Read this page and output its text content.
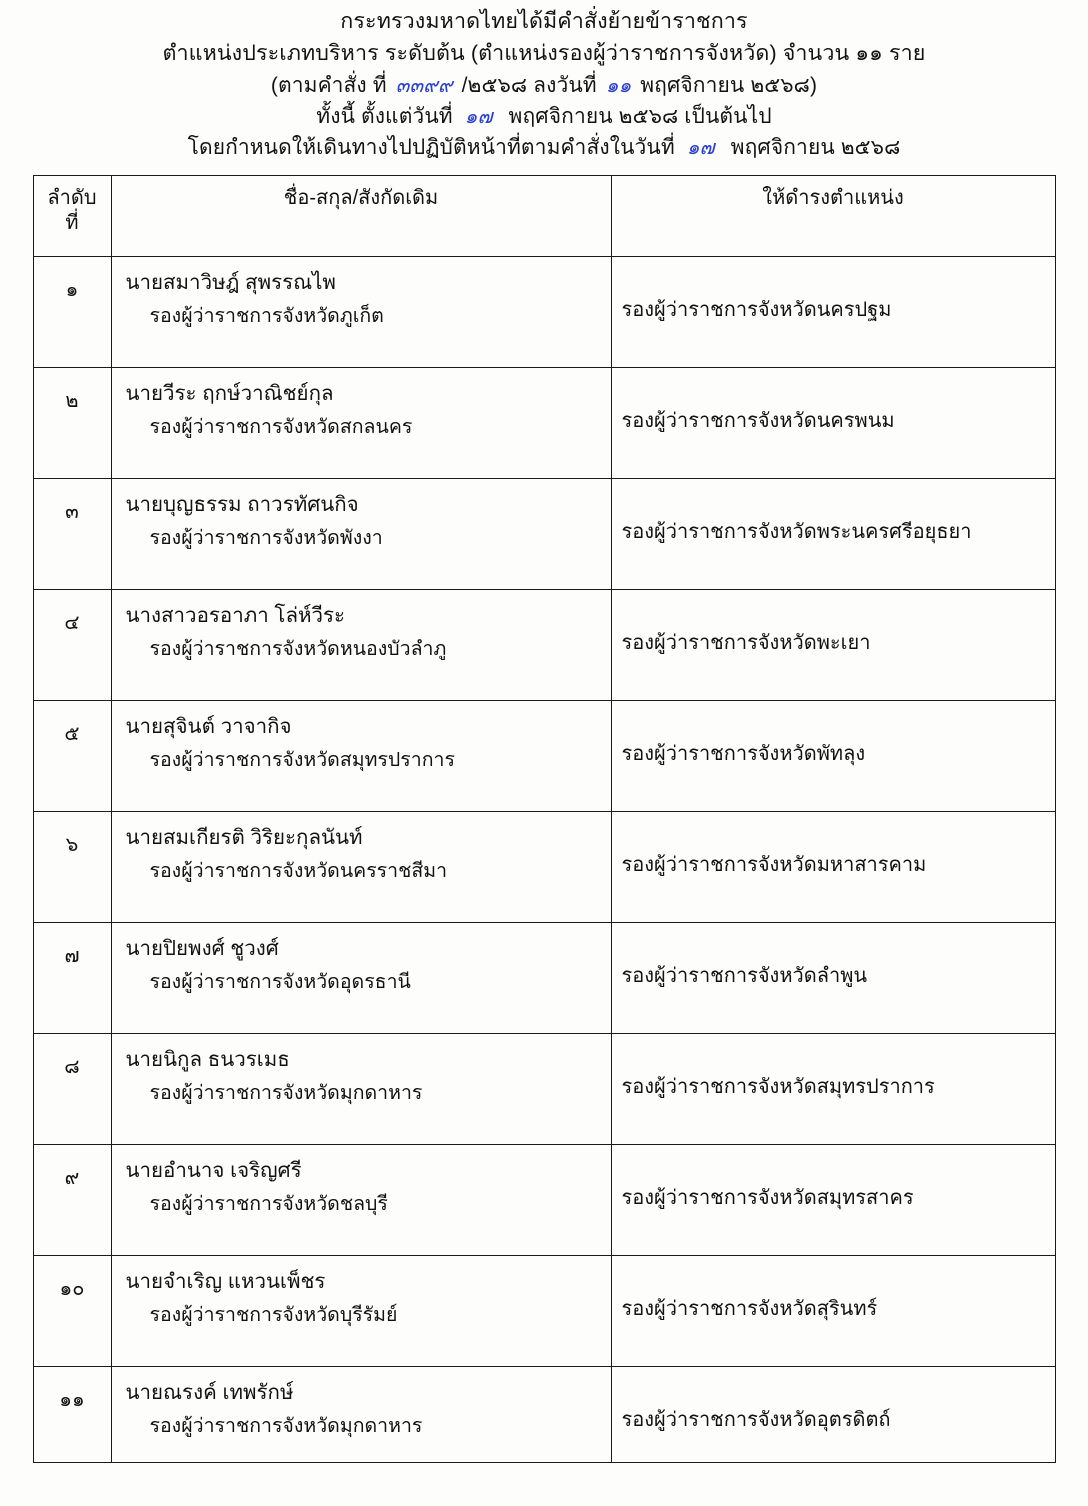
กระทรวงมหาดไทยได้มีคำสั่งย้ายข้าราชการ
ตำแหน่งประเภทบริหาร ระดับต้น (ตำแหน่งรองผู้ว่าราชการจังหวัด) จำนวน ๑๑ ราย
(ตามคำสั่ง ที่ ๓๓๙๙ /๒๕๖๘ ลงวันที่ ๑๑ พฤศจิกายน ๒๕๖๘)
ทั้งนี้ ตั้งแต่วันที่ ๑๗ พฤศจิกายน ๒๕๖๘ เป็นต้นไป
โดยกำหนดให้เดินทางไปปฏิบัติหน้าที่ตามคำสั่งในวันที่ ๑๗ พฤศจิกายน ๒๕๖๘
ลำดับ
ที่	ชื่อ-สกุล/สังกัดเดิม	ให้ดำรงตำแหน่ง
๑	นายสมาวิษฎ์ สุพรรณไพ
รองผู้ว่าราชการจังหวัดภูเก็ต	รองผู้ว่าราชการจังหวัดนครปฐม

๒	นายวีระ ฤกษ์วาณิชย์กุล
รองผู้ว่าราชการจังหวัดสกลนคร	รองผู้ว่าราชการจังหวัดนครพนม

๓	นายบุญธรรม ถาวรทัศนกิจ
รองผู้ว่าราชการจังหวัดพังงา	รองผู้ว่าราชการจังหวัดพระนครศรีอยุธยา

๔	นางสาวอรอาภา โล่ห์วีระ
รองผู้ว่าราชการจังหวัดหนองบัวลำภู	รองผู้ว่าราชการจังหวัดพะเยา

๕	นายสุจินต์ วาจากิจ
รองผู้ว่าราชการจังหวัดสมุทรปราการ	รองผู้ว่าราชการจังหวัดพัทลุง

๖	นายสมเกียรติ วิริยะกุลนันท์
รองผู้ว่าราชการจังหวัดนครราชสีมา	รองผู้ว่าราชการจังหวัดมหาสารคาม

๗	นายปิยพงศ์ ชูวงศ์
รองผู้ว่าราชการจังหวัดอุดรธานี	รองผู้ว่าราชการจังหวัดลำพูน

๘	นายนิกูล ธนวรเมธ
รองผู้ว่าราชการจังหวัดมุกดาหาร	รองผู้ว่าราชการจังหวัดสมุทรปราการ

๙	นายอำนาจ เจริญศรี
รองผู้ว่าราชการจังหวัดชลบุรี	รองผู้ว่าราชการจังหวัดสมุทรสาคร

๑๐	นายจำเริญ แหวนเพ็ชร
รองผู้ว่าราชการจังหวัดบุรีรัมย์	รองผู้ว่าราชการจังหวัดสุรินทร์

๑๑	นายณรงค์ เทพรักษ์
รองผู้ว่าราชการจังหวัดมุกดาหาร	รองผู้ว่าราชการจังหวัดอุตรดิตถ์
